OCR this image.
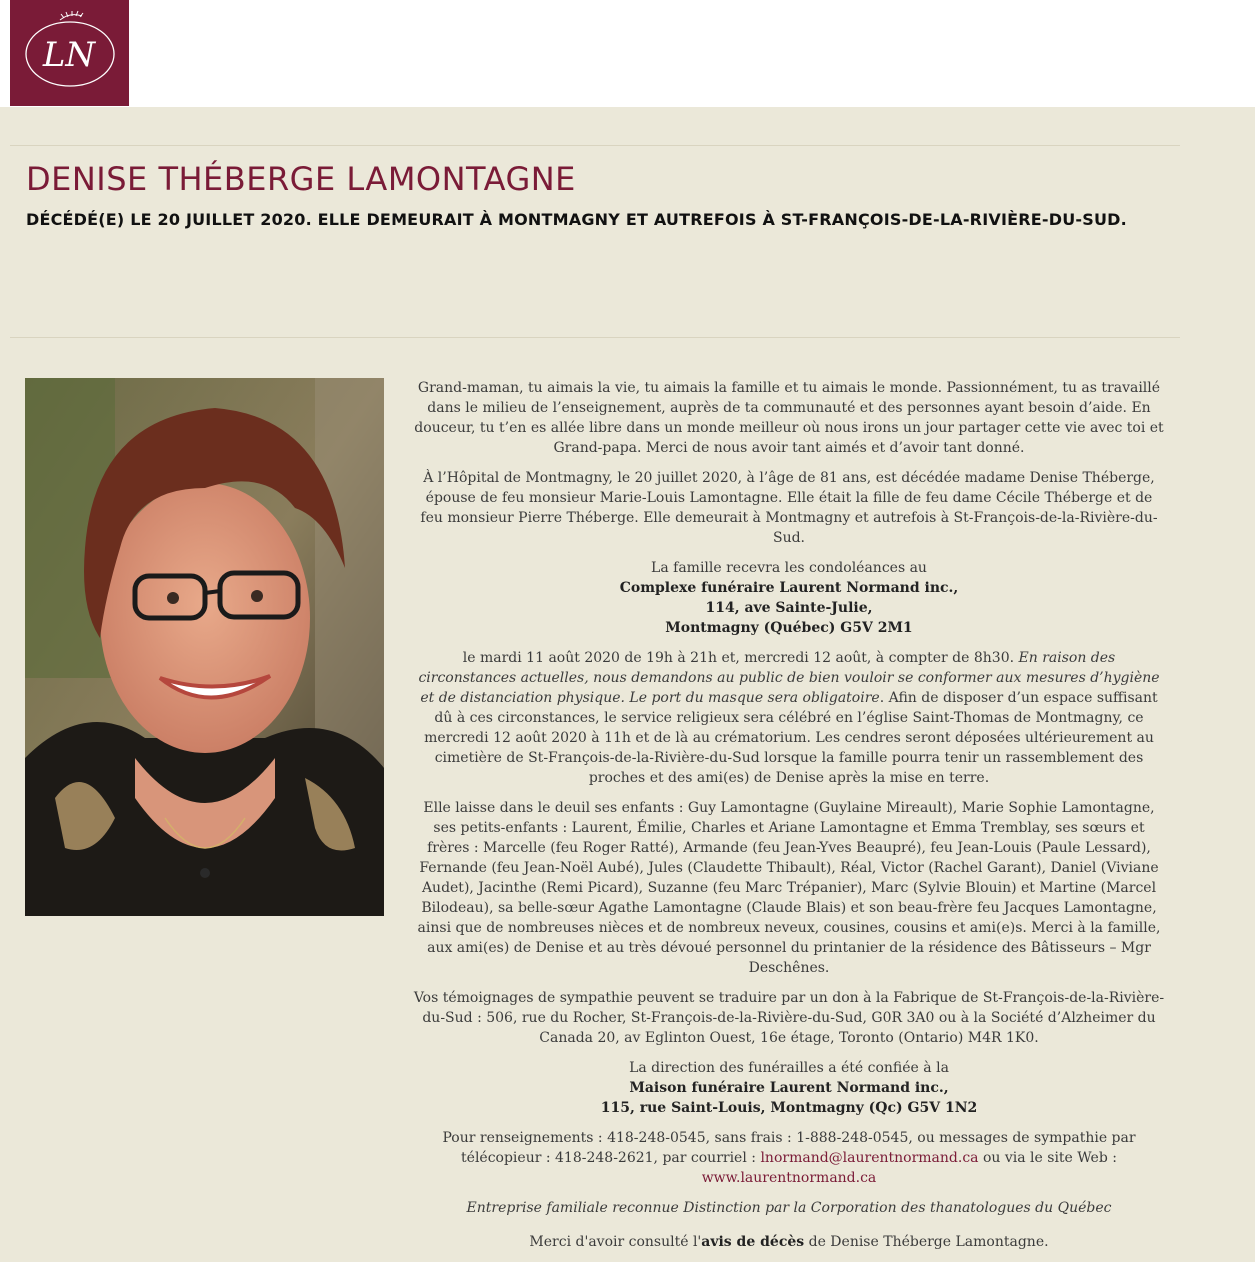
LN
DENISE THÉBERGE LAMONTAGNE
DÉCÉDÉ(E) LE 20 JUILLET 2020. ELLE DEMEURAIT À MONTMAGNY ET AUTREFOIS À ST-FRANÇOIS-DE-LA-RIVIÈRE-DU-SUD.

Grand-maman, tu aimais la vie, tu aimais la famille et tu aimais le monde. Passionnément, tu as travaillé dans le milieu de l’enseignement, auprès de ta communauté et des personnes ayant besoin d’aide. En douceur, tu t’en es allée libre dans un monde meilleur où nous irons un jour partager cette vie avec toi et Grand-papa. Merci de nous avoir tant aimés et d’avoir tant donné.

À l’Hôpital de Montmagny, le 20 juillet 2020, à l’âge de 81 ans, est décédée madame Denise Théberge, épouse de feu monsieur Marie-Louis Lamontagne. Elle était la fille de feu dame Cécile Théberge et de feu monsieur Pierre Théberge. Elle demeurait à Montmagny et autrefois à St-François-de-la-Rivière-du-Sud.

La famille recevra les condoléances au
Complexe funéraire Laurent Normand inc.,
114, ave Sainte-Julie,
Montmagny (Québec) G5V 2M1

le mardi 11 août 2020 de 19h à 21h et, mercredi 12 août, à compter de 8h30. En raison des circonstances actuelles, nous demandons au public de bien vouloir se conformer aux mesures d’hygiène et de distanciation physique. Le port du masque sera obligatoire. Afin de disposer d’un espace suffisant dû à ces circonstances, le service religieux sera célébré en l’église Saint-Thomas de Montmagny, ce mercredi 12 août 2020 à 11h et de là au crématorium. Les cendres seront déposées ultérieurement au cimetière de St-François-de-la-Rivière-du-Sud lorsque la famille pourra tenir un rassemblement des proches et des ami(es) de Denise après la mise en terre.

Elle laisse dans le deuil ses enfants : Guy Lamontagne (Guylaine Mireault), Marie Sophie Lamontagne, ses petits-enfants : Laurent, Émilie, Charles et Ariane Lamontagne et Emma Tremblay, ses sœurs et frères : Marcelle (feu Roger Ratté), Armande (feu Jean-Yves Beaupré), feu Jean-Louis (Paule Lessard), Fernande (feu Jean-Noël Aubé), Jules (Claudette Thibault), Réal, Victor (Rachel Garant), Daniel (Viviane Audet), Jacinthe (Remi Picard), Suzanne (feu Marc Trépanier), Marc (Sylvie Blouin) et Martine (Marcel Bilodeau), sa belle-sœur Agathe Lamontagne (Claude Blais) et son beau-frère feu Jacques Lamontagne, ainsi que de nombreuses nièces et de nombreux neveux, cousines, cousins et ami(e)s. Merci à la famille, aux ami(es) de Denise et au très dévoué personnel du printanier de la résidence des Bâtisseurs – Mgr Deschênes.

Vos témoignages de sympathie peuvent se traduire par un don à la Fabrique de St-François-de-la-Rivière-du-Sud : 506, rue du Rocher, St-François-de-la-Rivière-du-Sud, G0R 3A0 ou à la Société d’Alzheimer du Canada 20, av Eglinton Ouest, 16e étage, Toronto (Ontario) M4R 1K0.

La direction des funérailles a été confiée à la
Maison funéraire Laurent Normand inc.,
115, rue Saint-Louis, Montmagny (Qc) G5V 1N2

Pour renseignements : 418-248-0545, sans frais : 1-888-248-0545, ou messages de sympathie par télécopieur : 418-248-2621, par courriel : lnormand@laurentnormand.ca ou via le site Web : www.laurentnormand.ca

Entreprise familiale reconnue Distinction par la Corporation des thanatologues du Québec

Merci d'avoir consulté l'avis de décès de Denise Théberge Lamontagne.
